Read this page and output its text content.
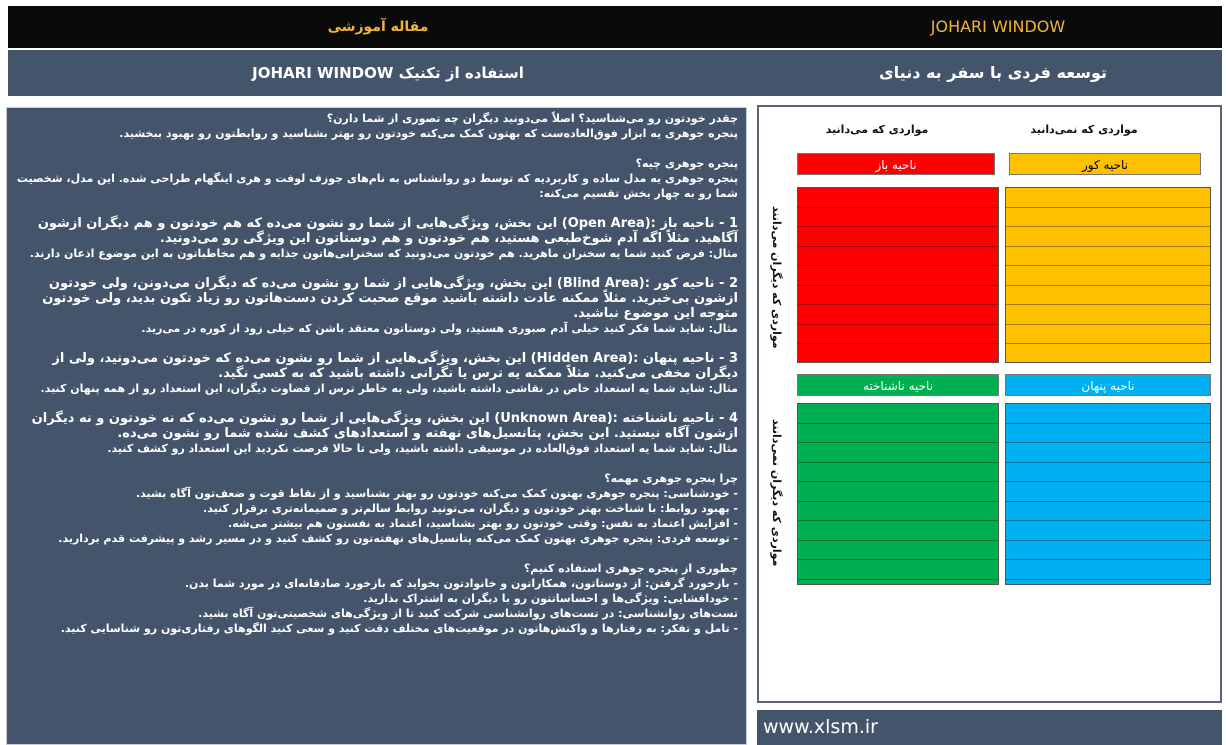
مقاله آموزشی	JOHARI WINDOW
استفاده از تکنیک JOHARI WINDOW	توسعه فردی با سفر به دنیای

چقدر خودتون رو می‌شناسید؟ اصلاً می‌دونید دیگران چه تصوری از شما دارن؟

پنجره جوهری یه ابزار فوق‌العاده‌ست که بهتون کمک می‌کنه خودتون رو بهتر بشناسید و روابطتون رو بهبود ببخشید.

پنجره جوهری چیه؟

پنجره جوهری یه مدل ساده و کاربردیه که توسط دو روانشناس به نام‌های جوزف لوفت و هری اینگهام طراحی شده. این مدل، شخصیت شما رو به چهار بخش تقسیم می‌کنه:

1 - ناحیه باز :(Open Area) این بخش، ویژگی‌هایی از شما رو نشون می‌ده که هم خودتون و هم دیگران ازشون آگاهید. مثلاً اگه آدم شوخ‌طبعی هستید، هم خودتون و هم دوستاتون این ویژگی رو می‌دونید.

مثال: فرض کنید شما یه سخنران ماهرید. هم خودتون می‌دونید که سخنرانی‌هاتون جذابه و هم مخاطباتون به این موضوع اذعان دارند.

2 - ناحیه کور :(Blind Area) این بخش، ویژگی‌هایی از شما رو نشون می‌ده که دیگران می‌دونن، ولی خودتون ازشون بی‌خبرید. مثلاً ممکنه عادت داشته باشید موقع صحبت کردن دست‌هاتون رو زیاد تکون بدید، ولی خودتون متوجه این موضوع نباشید.

مثال: شاید شما فکر کنید خیلی آدم صبوری هستید، ولی دوستاتون معتقد باشن که خیلی زود از کوره در می‌رید.

3 - ناحیه پنهان :(Hidden Area) این بخش، ویژگی‌هایی از شما رو نشون می‌ده که خودتون می‌دونید، ولی از دیگران مخفی می‌کنید. مثلاً ممکنه یه ترس یا نگرانی داشته باشید که به کسی نگید.

مثال: شاید شما یه استعداد خاص در نقاشی داشته باشید، ولی به خاطر ترس از قضاوت دیگران، این استعداد رو از همه پنهان کنید.

4 - ناحیه ناشناخته :(Unknown Area) این بخش، ویژگی‌هایی از شما رو نشون می‌ده که نه خودتون و نه دیگران ازشون آگاه نیستید. این بخش، پتانسیل‌های نهفته و استعدادهای کشف نشده شما رو نشون می‌ده.

مثال: شاید شما یه استعداد فوق‌العاده در موسیقی داشته باشید، ولی تا حالا فرصت نکردید این استعداد رو کشف کنید.

چرا پنجره جوهری مهمه؟

- خودشناسی: پنجره جوهری بهتون کمک می‌کنه خودتون رو بهتر بشناسید و از نقاط قوت و ضعف‌تون آگاه بشید.

- بهبود روابط: با شناخت بهتر خودتون و دیگران، می‌تونید روابط سالم‌تر و صمیمانه‌تری برقرار کنید.

- افزایش اعتماد به نفس: وقتی خودتون رو بهتر بشناسید، اعتماد به نفستون هم بیشتر می‌شه.

- توسعه فردی: پنجره جوهری بهتون کمک می‌کنه پتانسیل‌های نهفته‌تون رو کشف کنید و در مسیر رشد و پیشرفت قدم بردارید.

چطوری از پنجره جوهری استفاده کنیم؟

- بازخورد گرفتن: از دوستاتون، همکاراتون و خانوادتون بخواید که بازخورد صادقانه‌ای در مورد شما بدن.

- خودافشایی: ویژگی‌ها و احساساتتون رو با دیگران به اشتراک بذارید.

تست‌های روانشناسی: در تست‌های روانشناسی شرکت کنید تا از ویژگی‌های شخصیتی‌تون آگاه بشید.

- تامل و تفکر: به رفتارها و واکنش‌هاتون در موقعیت‌های مختلف دقت کنید و سعی کنید الگوهای رفتاری‌تون رو شناسایی کنید.

مواردی که نمی‌دانید
مواردی که می‌دانید
ناحیه باز	ناحیه کور
مواردی که دیگران می‌دانند
ناحیه ناشناخته	ناحیه پنهان
مواردی که دیگران نمی‌دانند
www.xlsm.ir
